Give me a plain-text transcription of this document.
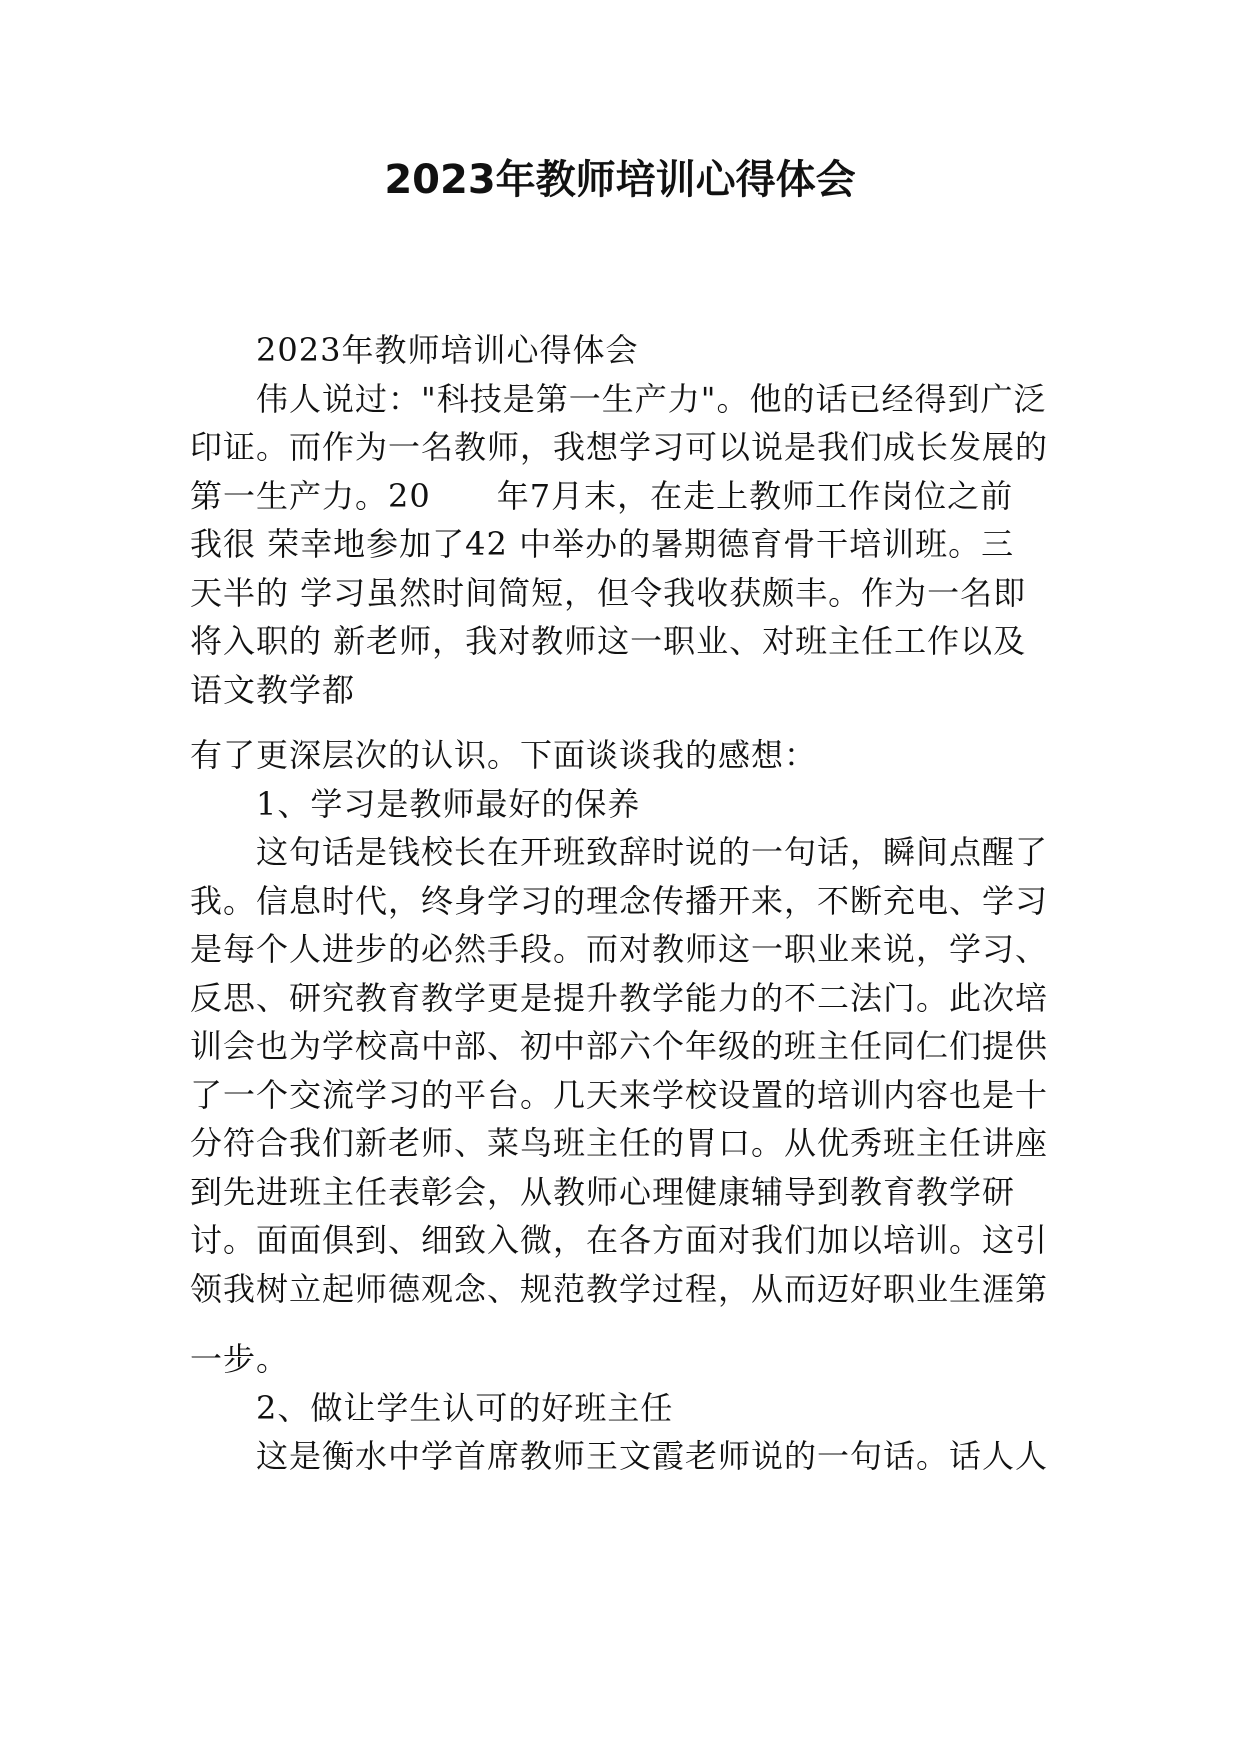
2023年教师培训心得体会
2023年教师培训心得体会
伟人说过："科技是第一生产力"。他的话已经得到广泛
印证。而作为一名教师，我想学习可以说是我们成长发展的
第一生产力。20　　年7月末，在走上教师工作岗位之前
我很 荣幸地参加了42 中举办的暑期德育骨干培训班。三
天半的 学习虽然时间简短，但令我收获颇丰。作为一名即
将入职的 新老师，我对教师这一职业、对班主任工作以及
语文教学都
有了更深层次的认识。下面谈谈我的感想：
1、学习是教师最好的保养
这句话是钱校长在开班致辞时说的一句话，瞬间点醒了
我。信息时代，终身学习的理念传播开来，不断充电、学习
是每个人进步的必然手段。而对教师这一职业来说，学习、
反思、研究教育教学更是提升教学能力的不二法门。此次培
训会也为学校高中部、初中部六个年级的班主任同仁们提供
了一个交流学习的平台。几天来学校设置的培训内容也是十
分符合我们新老师、菜鸟班主任的胃口。从优秀班主任讲座
到先进班主任表彰会，从教师心理健康辅导到教育教学研
讨。面面俱到、细致入微，在各方面对我们加以培训。这引
领我树立起师德观念、规范教学过程，从而迈好职业生涯第
一步。
2、做让学生认可的好班主任
这是衡水中学首席教师王文霞老师说的一句话。话人人
